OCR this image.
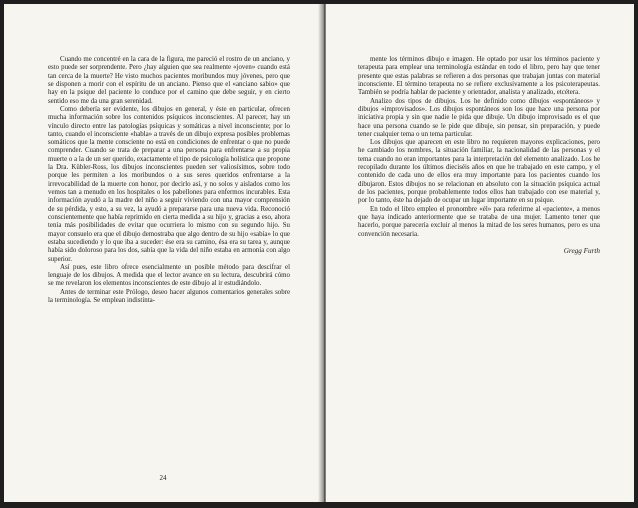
Cuando me concentré en la cara de la figura, me pareció el rostro de un anciano, y esto puede ser sorprendente. Pero ¿hay alguien que sea realmente «joven» cuando está tan cerca de la muerte? He visto muchos pacientes moribundos muy jóvenes, pero que se disponen a morir con el espíritu de un anciano. Pienso que el «anciano sabio» que hay en la psique del paciente lo conduce por el camino que debe seguir, y en cierto sentido eso me da una gran serenidad.

Como debería ser evidente, los dibujos en general, y éste en particular, ofrecen mucha información sobre los contenidos psíquicos inconscientes. Al parecer, hay un vínculo directo entre las patologías psíquicas y somáticas a nivel inconsciente; por lo tanto, cuando el inconsciente «habla» a través de un dibujo expresa posibles problemas somáticos que la mente consciente no está en condiciones de enfrentar o que no puede comprender. Cuando se trata de preparar a una persona para enfrentarse a su propia muerte o a la de un ser querido, exactamente el tipo de psicología holística que propone la Dra. Kübler-Ross, los dibujos inconscientes pueden ser valiosísimos, sobre todo porque les permiten a los moribundos o a sus seres queridos enfrentarse a la irrevocabilidad de la muerte con honor, por decirlo así, y no solos y aislados como los vemos tan a menudo en los hospitales o los pabellones para enfermos incurables. Esta información ayudó a la madre del niño a seguir viviendo con una mayor comprensión de su pérdida, y esto, a su vez, la ayudó a prepararse para una nueva vida. Reconoció conscientemente que había reprimido en cierta medida a su hijo y, gracias a eso, ahora tenía más posibilidades de evitar que ocurriera lo mismo con su segundo hijo. Su mayor consuelo era que el dibujo demostraba que algo dentro de su hijo «sabía» lo que estaba sucediendo y lo que iba a suceder: ése era su camino, ésa era su tarea y, aunque había sido doloroso para los dos, sabía que la vida del niño estaba en armonía con algo superior.

Así pues, este libro ofrece esencialmente un posible método para descifrar el lenguaje de los dibujos. A medida que el lector avance en su lectura, descubrirá cómo se me revelaron los elementos inconscientes de este dibujo al ir estudiándolo.

Antes de terminar este Prólogo, deseo hacer algunos comentarios generales sobre la terminología. Se emplean indistinta-

24

mente los términos dibujo e imagen. He optado por usar los términos paciente y terapeuta para emplear una terminología estándar en todo el libro, pero hay que tener presente que estas palabras se refieren a dos personas que trabajan juntas con material inconsciente. El término terapeuta no se refiere exclusivamente a los psicoterapeutas. También se podría hablar de paciente y orientador, analista y analizado, etcétera.

Analizo dos tipos de dibujos. Los he definido como dibujos «espontáneos» y dibujos «improvisados». Los dibujos espontáneos son los que hace una persona por iniciativa propia y sin que nadie le pida que dibuje. Un dibujo improvisado es el que hace una persona cuando se le pide que dibuje, sin pensar, sin preparación, y puede tener cualquier tema o un tema particular.

Los dibujos que aparecen en este libro no requieren mayores explicaciones, pero he cambiado los nombres, la situación familiar, la nacionalidad de las personas y el tema cuando no eran importantes para la interpretación del elemento analizado. Los he recopilado durante los últimos dieciséis años en que he trabajado en este campo, y el contenido de cada uno de ellos era muy importante para los pacientes cuando los dibujaron. Estos dibujos no se relacionan en absoluto con la situación psíquica actual de los pacientes, porque probablemente todos ellos han trabajado con ese material y, por lo tanto, éste ha dejado de ocupar un lugar importante en su psique.

En todo el libro empleo el pronombre «él» para referirme al «paciente», a menos que haya indicado anteriormente que se trataba de una mujer. Lamento tener que hacerlo, porque parecería excluir al menos la mitad de los seres humanos, pero es una convención necesaria.

Gregg Furth
